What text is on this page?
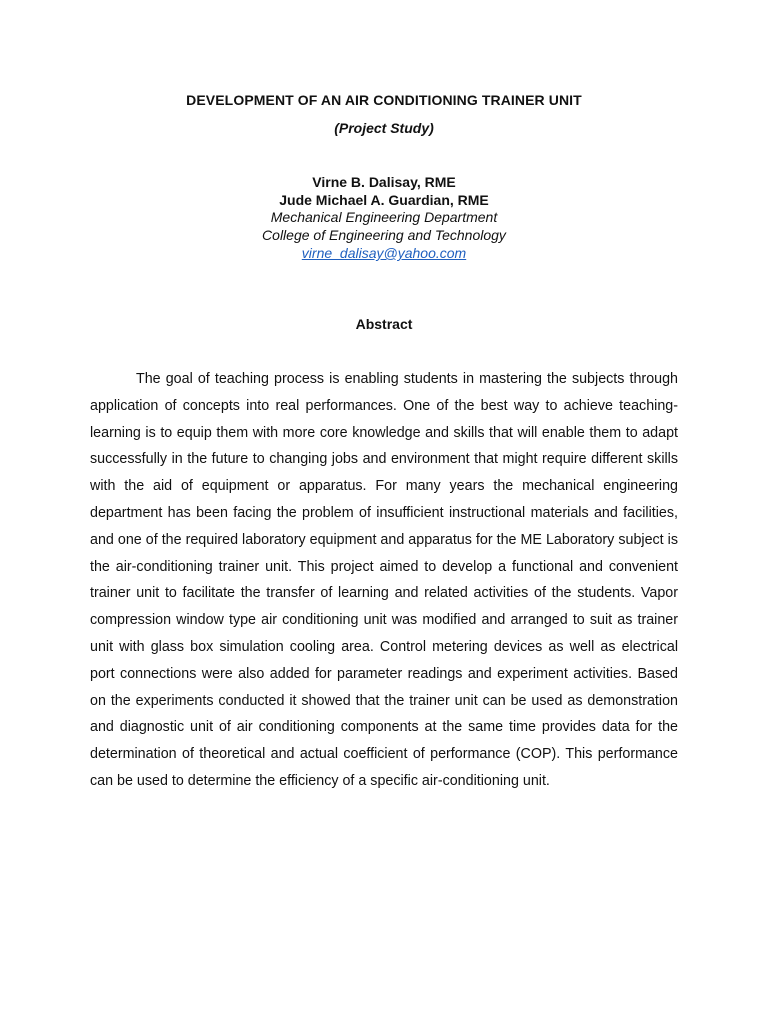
DEVELOPMENT OF AN AIR CONDITIONING TRAINER UNIT
(Project Study)
Virne B. Dalisay, RME
Jude Michael A. Guardian, RME
Mechanical Engineering Department
College of Engineering and Technology
virne_dalisay@yahoo.com
Abstract

The goal of teaching process is enabling students in mastering the subjects through application of concepts into real performances. One of the best way to achieve teaching-learning is to equip them with more core knowledge and skills that will enable them to adapt successfully in the future to changing jobs and environment that might require different skills with the aid of equipment or apparatus. For many years the mechanical engineering department has been facing the problem of insufficient instructional materials and facilities, and one of the required laboratory equipment and apparatus for the ME Laboratory subject is the air-conditioning trainer unit. This project aimed to develop a functional and convenient trainer unit to facilitate the transfer of learning and related activities of the students. Vapor compression window type air conditioning unit was modified and arranged to suit as trainer unit with glass box simulation cooling area. Control metering devices as well as electrical port connections were also added for parameter readings and experiment activities. Based on the experiments conducted it showed that the trainer unit can be used as demonstration and diagnostic unit of air conditioning components at the same time provides data for the determination of theoretical and actual coefficient of performance (COP). This performance can be used to determine the efficiency of a specific air-conditioning unit.
